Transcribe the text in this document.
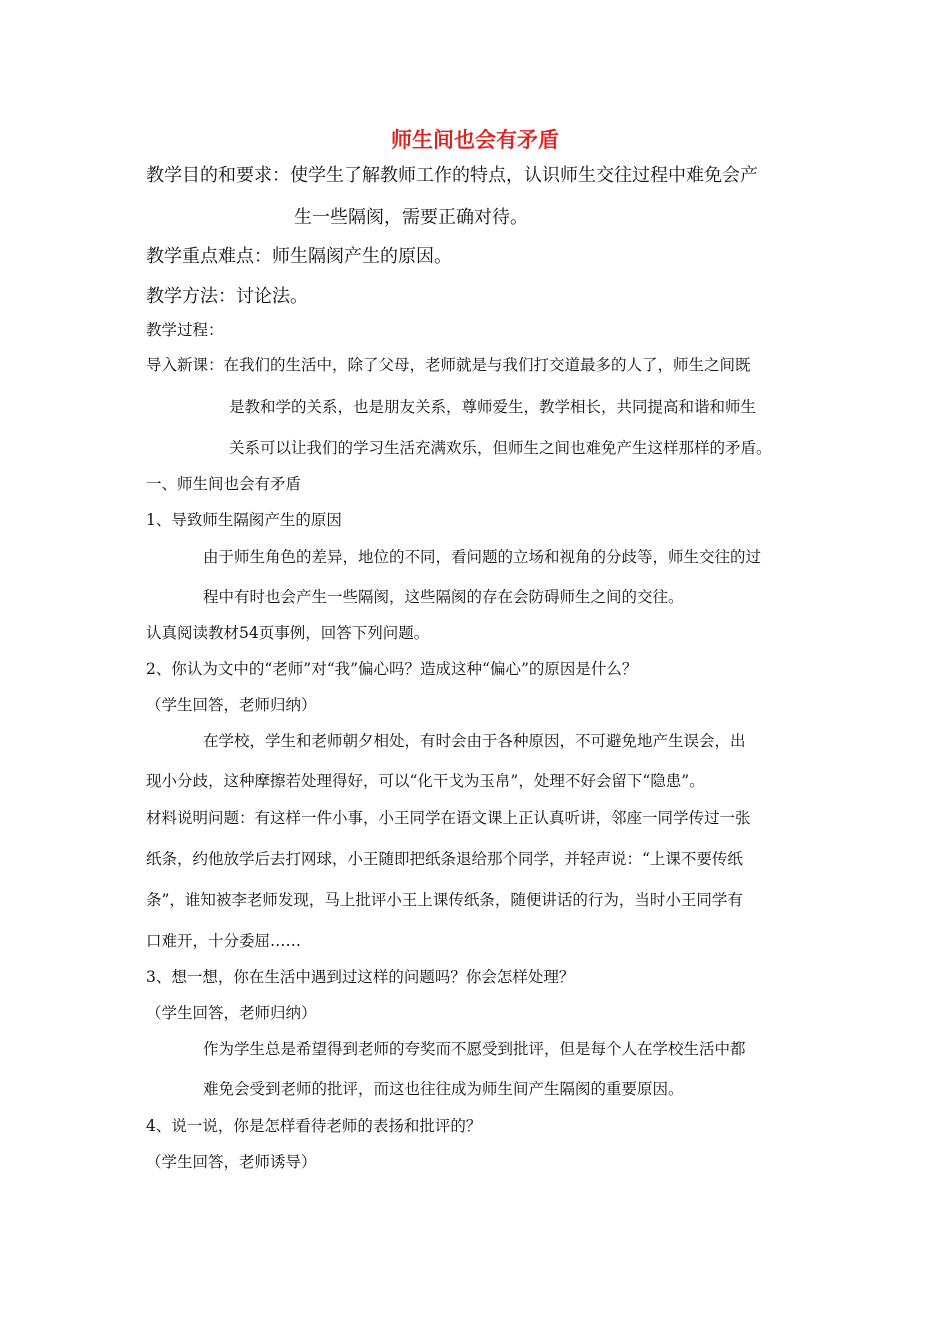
师生间也会有矛盾
教学目的和要求：使学生了解教师工作的特点，认识师生交往过程中难免会产
生一些隔阂，需要正确对待。
教学重点难点：师生隔阂产生的原因。
教学方法：讨论法。
教学过程：
导入新课：在我们的生活中，除了父母，老师就是与我们打交道最多的人了，师生之间既
是教和学的关系，也是朋友关系，尊师爱生，教学相长，共同提高和谐和师生
关系可以让我们的学习生活充满欢乐，但师生之间也难免产生这样那样的矛盾。
一、师生间也会有矛盾
1、导致师生隔阂产生的原因
由于师生角色的差异，地位的不同，看问题的立场和视角的分歧等，师生交往的过
程中有时也会产生一些隔阂，这些隔阂的存在会防碍师生之间的交往。
认真阅读教材54页事例，回答下列问题。
2、你认为文中的“老师”对“我”偏心吗？造成这种“偏心”的原因是什么？
（学生回答，老师归纳）
在学校，学生和老师朝夕相处，有时会由于各种原因，不可避免地产生误会，出
现小分歧，这种摩擦若处理得好，可以“化干戈为玉帛”，处理不好会留下“隐患”。
材料说明问题：有这样一件小事，小王同学在语文课上正认真听讲，邻座一同学传过一张
纸条，约他放学后去打网球，小王随即把纸条退给那个同学，并轻声说：“上课不要传纸
条”，谁知被李老师发现，马上批评小王上课传纸条，随便讲话的行为，当时小王同学有
口难开，十分委屈……
3、想一想，你在生活中遇到过这样的问题吗？你会怎样处理？
（学生回答，老师归纳）
作为学生总是希望得到老师的夸奖而不愿受到批评，但是每个人在学校生活中都
难免会受到老师的批评，而这也往往成为师生间产生隔阂的重要原因。
4、说一说，你是怎样看待老师的表扬和批评的？
（学生回答，老师诱导）
